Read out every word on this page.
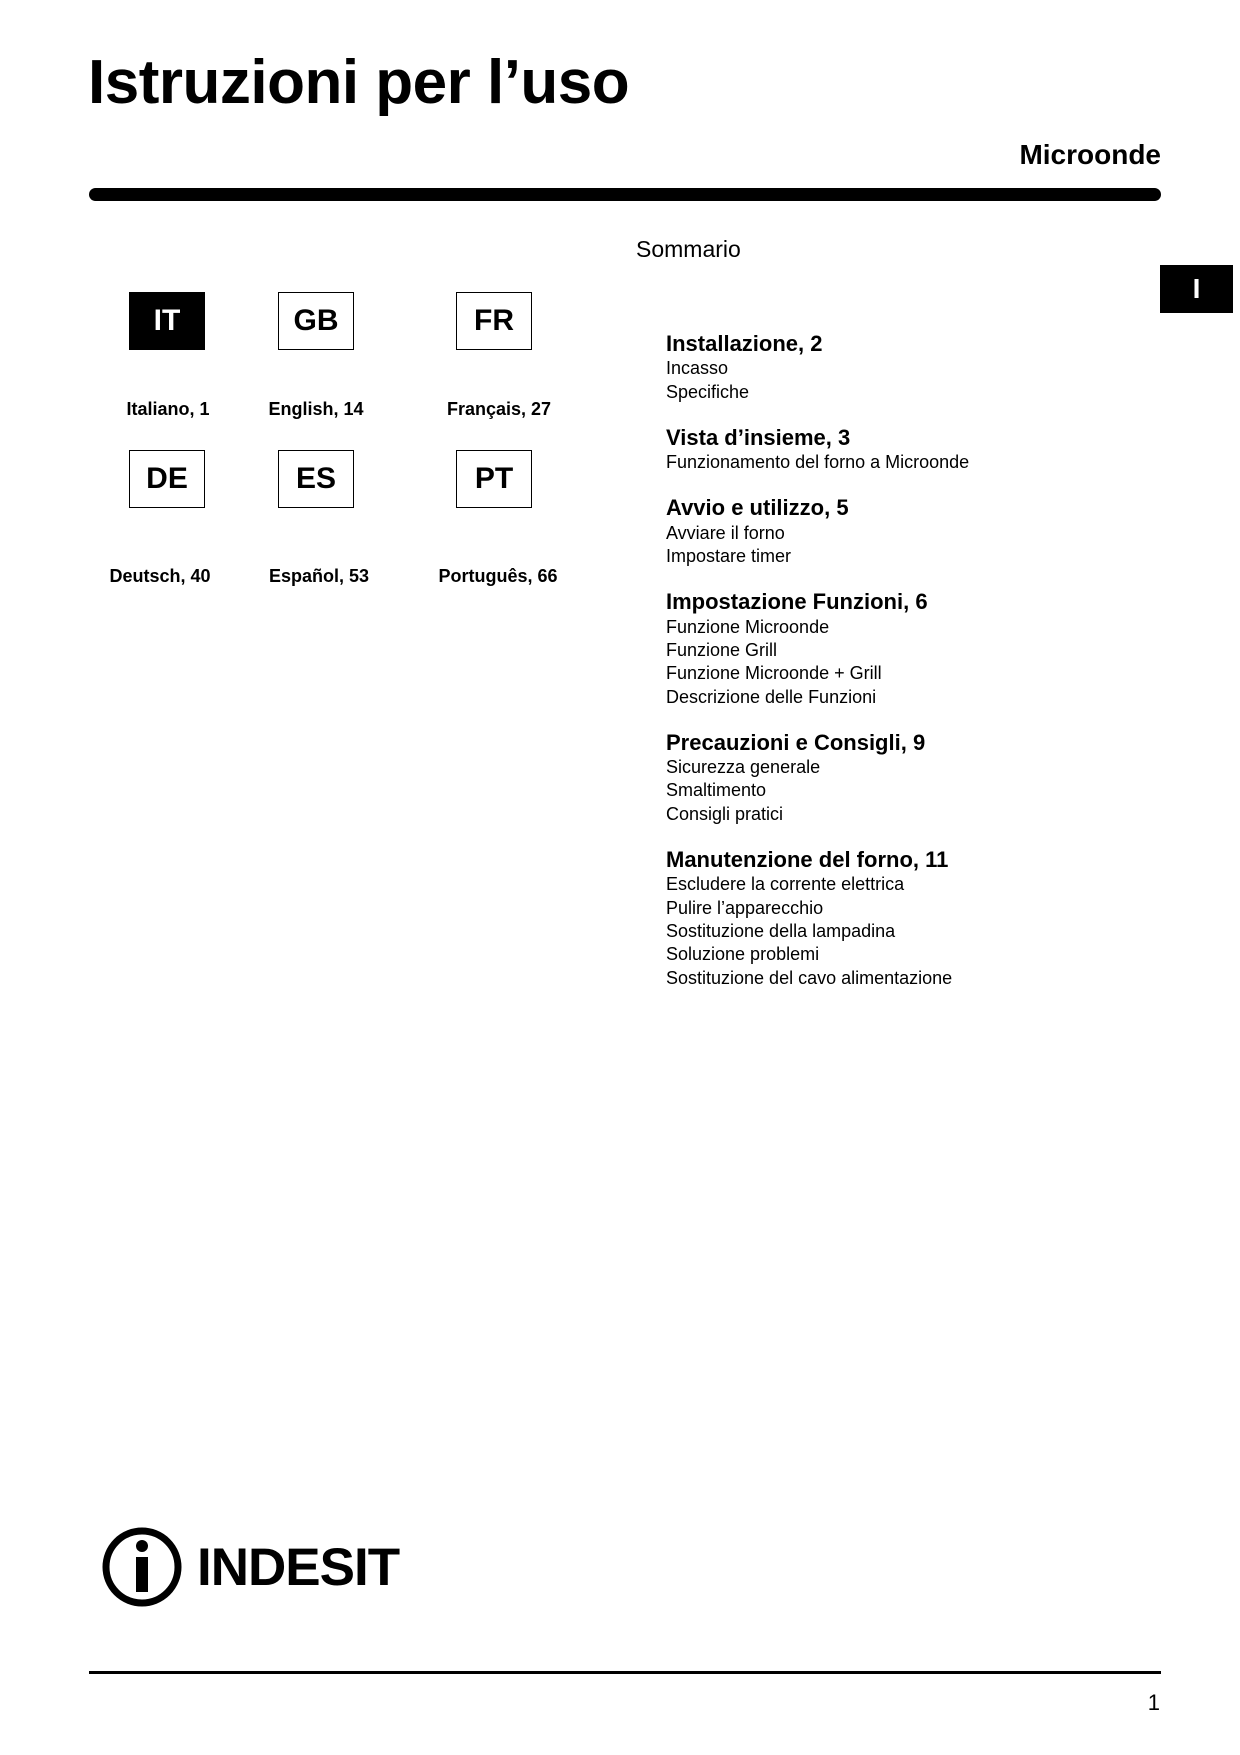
Istruzioni per l’uso
Microonde
I
IT	GB	FR
Italiano, 1	English, 14	Français, 27
DE	ES	PT
Deutsch, 40	Español, 53	Português, 66
Sommario
Installazione, 2
Incasso
Specifiche
Vista d’insieme, 3
Funzionamento del forno a Microonde
Avvio e utilizzo, 5
Avviare il forno
Impostare timer
Impostazione Funzioni, 6
Funzione Microonde
Funzione Grill
Funzione Microonde + Grill
Descrizione delle Funzioni
Precauzioni e Consigli, 9
Sicurezza generale
Smaltimento
Consigli pratici
Manutenzione del forno, 11
Escludere la corrente elettrica
Pulire l’apparecchio
Sostituzione della lampadina
Soluzione problemi
Sostituzione del cavo alimentazione
INDESIT
1
